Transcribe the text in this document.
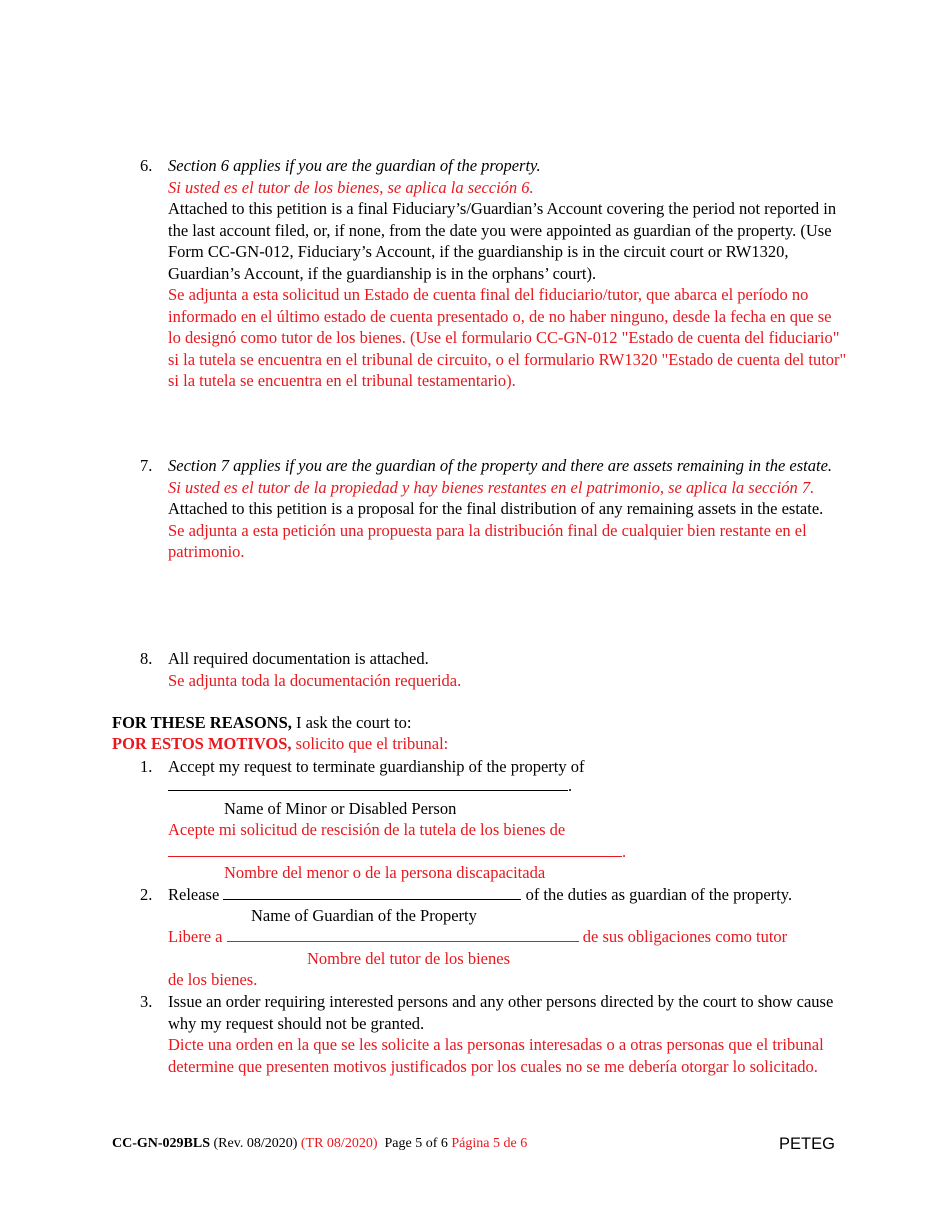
6. Section 6 applies if you are the guardian of the property.

Si usted es el tutor de los bienes, se aplica la sección 6.

Attached to this petition is a final Fiduciary’s/Guardian’s Account covering the period not reported in the last account filed, or, if none, from the date you were appointed as guardian of the property. (Use Form CC-GN-012, Fiduciary’s Account, if the guardianship is in the circuit court or RW1320, Guardian’s Account, if the guardianship is in the orphans’ court).

Se adjunta a esta solicitud un Estado de cuenta final del fiduciario/tutor, que abarca el período no informado en el último estado de cuenta presentado o, de no haber ninguno, desde la fecha en que se lo designó como tutor de los bienes. (Use el formulario CC-GN-012 "Estado de cuenta del fiduciario" si la tutela se encuentra en el tribunal de circuito, o el formulario RW1320 "Estado de cuenta del tutor" si la tutela se encuentra en el tribunal testamentario).

7. Section 7 applies if you are the guardian of the property and there are assets remaining in the estate.

Si usted es el tutor de la propiedad y hay bienes restantes en el patrimonio, se aplica la sección 7.

Attached to this petition is a proposal for the final distribution of any remaining assets in the estate.

Se adjunta a esta petición una propuesta para la distribución final de cualquier bien restante en el patrimonio.

8. All required documentation is attached.

Se adjunta toda la documentación requerida.

FOR THESE REASONS, I ask the court to:
POR ESTOS MOTIVOS, solicito que el tribunal:
1. Accept my request to terminate guardianship of the property of
.
Name of Minor or Disabled Person
Acepte mi solicitud de rescisión de la tutela de los bienes de
.
Nombre del menor o de la persona discapacitada
2. Release	of the duties as guardian of the property.
Name of Guardian of the Property
Libere a	de sus obligaciones como tutor
Nombre del tutor de los bienes
de los bienes.
3. Issue an order requiring interested persons and any other persons directed by the court to show cause why my request should not be granted.

Dicte una orden en la que se les solicite a las personas interesadas o a otras personas que el tribunal determine que presenten motivos justificados por los cuales no se me debería otorgar lo solicitado.

CC-GN-029BLS (Rev. 08/2020) (TR 08/2020)  Page 5 of 6 Página 5 de 6	PETEG
